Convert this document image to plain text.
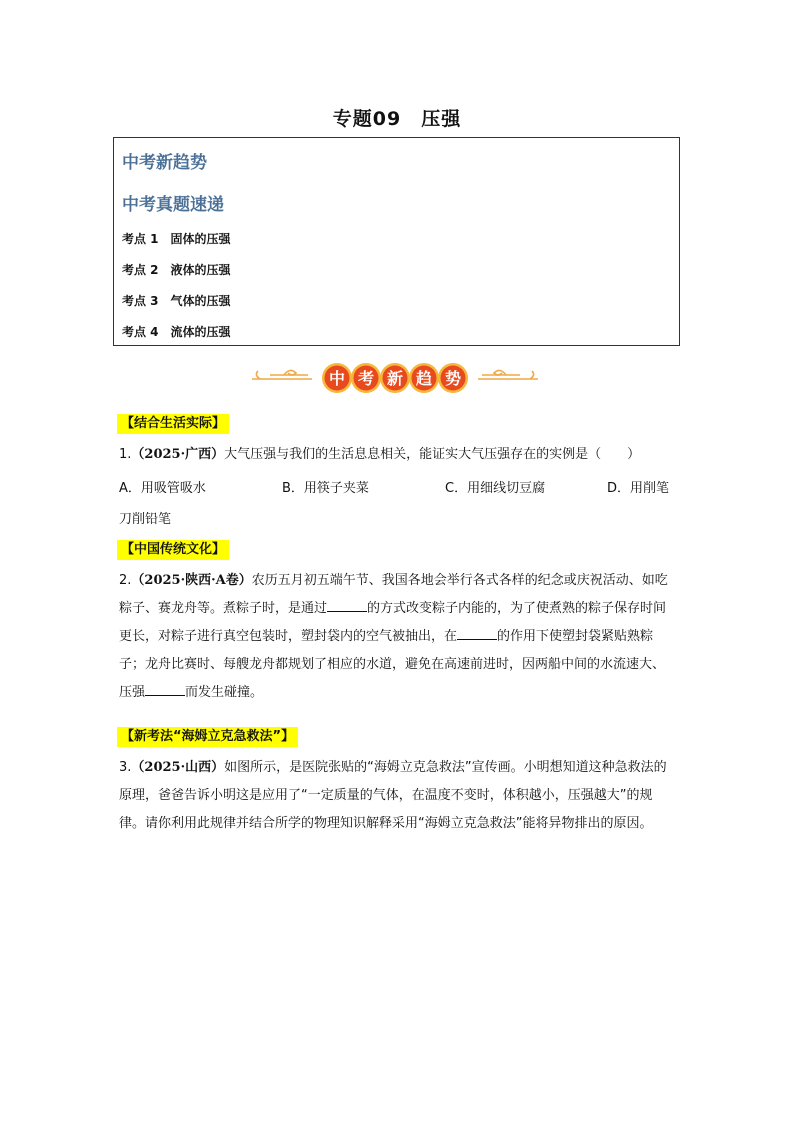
专题09　压强
中考新趋势
中考真题速递
考点 1　固体的压强
考点 2　液体的压强
考点 3　气体的压强
考点 4　流体的压强
中 考 新 趋 势
【结合生活实际】
1.（2025·广西）大气压强与我们的生活息息相关，能证实大气压强存在的实例是（　　）
A．用吸管吸水	B．用筷子夹菜	C．用细线切豆腐	D．用削笔
刀削铅笔
【中国传统文化】
2.（2025·陕西·A卷）农历五月初五端午节、我国各地会举行各式各样的纪念或庆祝活动、如吃粽子、赛龙舟等。煮粽子时，是通过	的方式改变粽子内能的，为了使煮熟的粽子保存时间更长，对粽子进行真空包装时，塑封袋内的空气被抽出，在	的作用下使塑封袋紧贴熟粽子；龙舟比赛时、每艘龙舟都规划了相应的水道，避免在高速前进时，因两船中间的水流速大、压强	而发生碰撞。
【新考法“海姆立克急救法”】
3.（2025·山西）如图所示，是医院张贴的“海姆立克急救法”宣传画。小明想知道这种急救法的原理，爸爸告诉小明这是应用了“一定质量的气体，在温度不变时，体积越小，压强越大”的规律。请你利用此规律并结合所学的物理知识解释采用“海姆立克急救法”能将异物排出的原因。
